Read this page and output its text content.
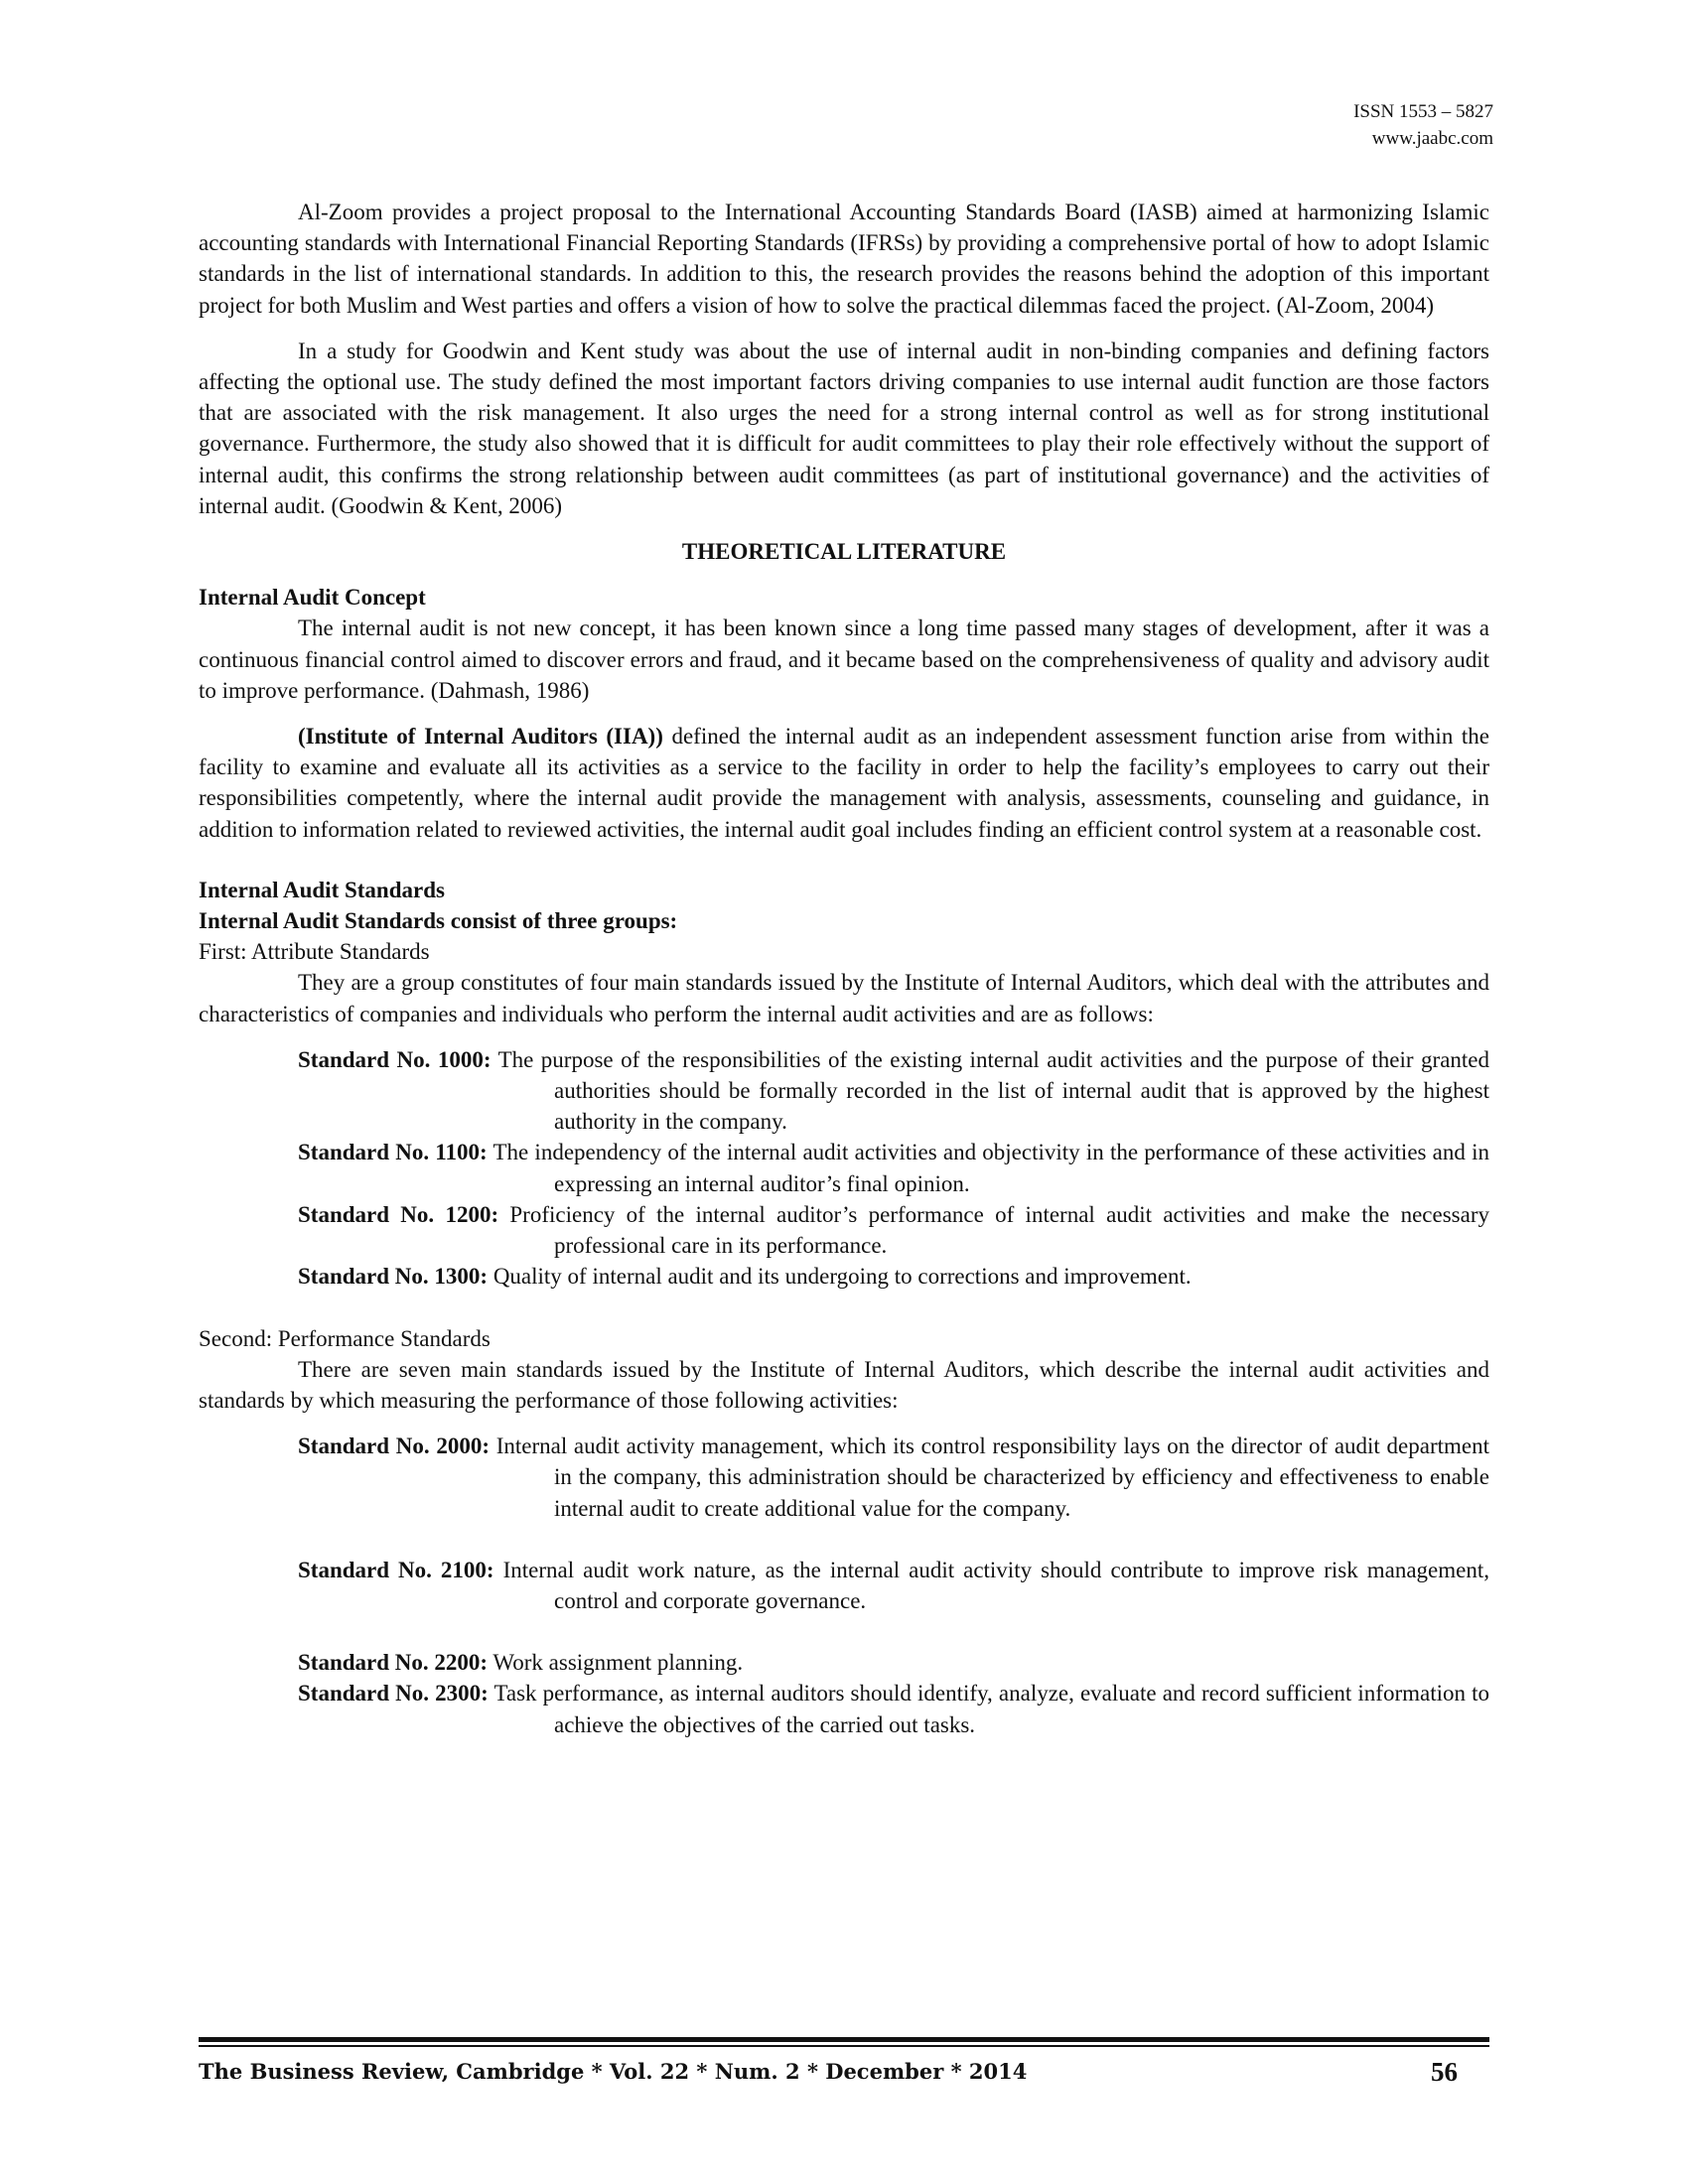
ISSN 1553 – 5827
www.jaabc.com

Al-Zoom provides a project proposal to the International Accounting Standards Board (IASB) aimed at harmonizing Islamic accounting standards with International Financial Reporting Standards (IFRSs) by providing a comprehensive portal of how to adopt Islamic standards in the list of international standards. In addition to this, the research provides the reasons behind the adoption of this important project for both Muslim and West parties and offers a vision of how to solve the practical dilemmas faced the project. (Al-Zoom, 2004)

In a study for Goodwin and Kent study was about the use of internal audit in non-binding companies and defining factors affecting the optional use. The study defined the most important factors driving companies to use internal audit function are those factors that are associated with the risk management. It also urges the need for a strong internal control as well as for strong institutional governance. Furthermore, the study also showed that it is difficult for audit committees to play their role effectively without the support of internal audit, this confirms the strong relationship between audit committees (as part of institutional governance) and the activities of internal audit. (Goodwin & Kent, 2006)

THEORETICAL LITERATURE
Internal Audit Concept

The internal audit is not new concept, it has been known since a long time passed many stages of development, after it was a continuous financial control aimed to discover errors and fraud, and it became based on the comprehensiveness of quality and advisory audit to improve performance. (Dahmash, 1986)

(Institute of Internal Auditors (IIA)) defined the internal audit as an independent assessment function arise from within the facility to examine and evaluate all its activities as a service to the facility in order to help the facility’s employees to carry out their responsibilities competently, where the internal audit provide the management with analysis, assessments, counseling and guidance, in addition to information related to reviewed activities, the internal audit goal includes finding an efficient control system at a reasonable cost.

Internal Audit Standards
Internal Audit Standards consist of three groups:
First: Attribute Standards

They are a group constitutes of four main standards issued by the Institute of Internal Auditors, which deal with the attributes and characteristics of companies and individuals who perform the internal audit activities and are as follows:

Standard No. 1000: The purpose of the responsibilities of the existing internal audit activities and the purpose of their granted authorities should be formally recorded in the list of internal audit that is approved by the highest authority in the company.

Standard No. 1100: The independency of the internal audit activities and objectivity in the performance of these activities and in expressing an internal auditor’s final opinion.

Standard No. 1200: Proficiency of the internal auditor’s performance of internal audit activities and make the necessary professional care in its performance.

Standard No. 1300: Quality of internal audit and its undergoing to corrections and improvement.

Second: Performance Standards

There are seven main standards issued by the Institute of Internal Auditors, which describe the internal audit activities and standards by which measuring the performance of those following activities:

Standard No. 2000: Internal audit activity management, which its control responsibility lays on the director of audit department in the company, this administration should be characterized by efficiency and effectiveness to enable internal audit to create additional value for the company.

Standard No. 2100: Internal audit work nature, as the internal audit activity should contribute to improve risk management, control and corporate governance.

Standard No. 2200: Work assignment planning.

Standard No. 2300: Task performance, as internal auditors should identify, analyze, evaluate and record sufficient information to achieve the objectives of the carried out tasks.

The Business Review, Cambridge * Vol. 22 * Num. 2 * December * 2014	56
